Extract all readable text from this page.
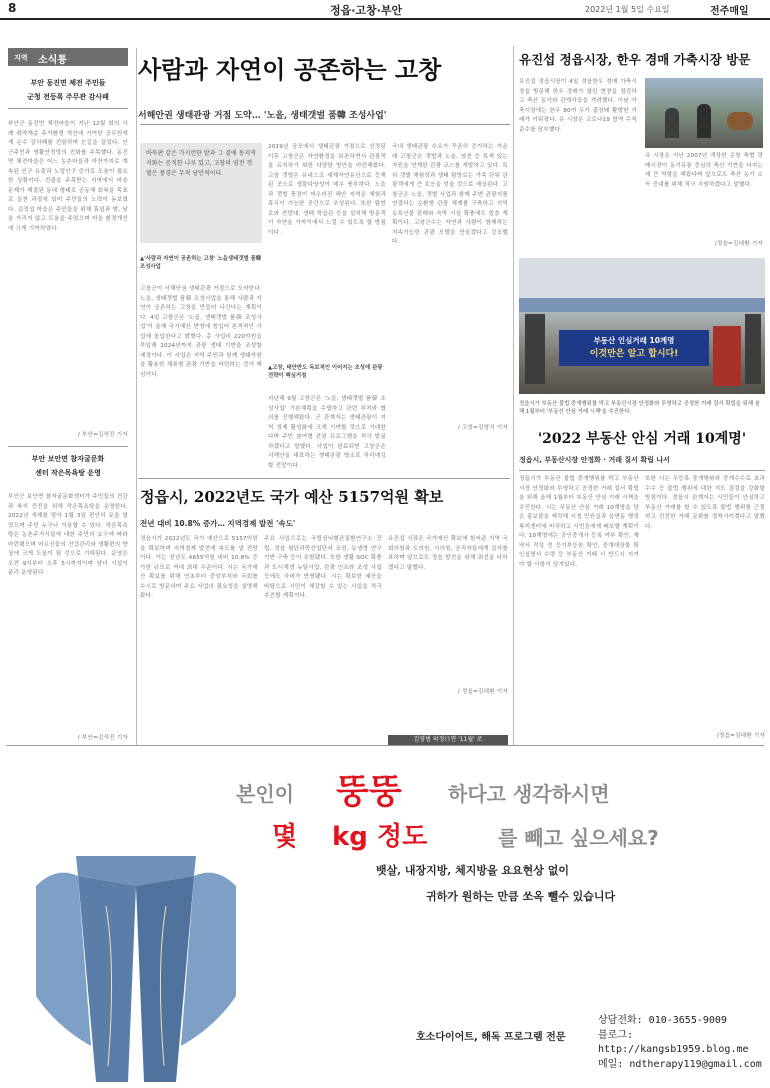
8	정읍·고창·부안	2022년 1월 5일 수요일	전주매일
지역 소식통
부안 동진면 체전 주민들
군청 전등록 주무관 감사패
부안군 동진면 체전마을이 지난 12월 회의 사례 취약계층 주거환경 개선에 기여한 공무원에게 손수 감사패를 전달하며 눈길을 끌었다. 인근주민과 생활안전망의 진화를 주목했다. 동진면 체전마을은 어느 농촌마을과 마찬가지로 계속된 인구 유출과 노령인구 증가로 도움이 필요한 상황이다. 전출을 주목받는 지역에서 마을 문제가 해결된 동네 형태로 공동체 회복을 목표로 실천 과정에 있어 주민들의 노력이 돋보였다. 김정섭 마을은 주민들을 위해 휴일과 밤, 낮을 가리지 않고 도움을 주었으며 마을 환경개선에 크게 기여하였다.
/ 부안=김석진 기자
부안 보안면 참자굴문화
센터 작은목욕탕 운영
부안군 보안면 참자굴문화센터가 주민들의 건강과 복지 증진을 위해 작은목욕탕을 운영한다. 2022년 새해를 맞아 1월 3일 편안히 문을 열었으며 주민 누구나 이용할 수 있다. 작은목욕탕은 농촌주거시설에 대한 주민의 요구에 따라 마련됐으며 어르신들의 건강관리와 생활편의 향상에 크게 도움이 될 것으로 기대된다. 운영은 오전 9시부터 오후 5시까지이며 남녀 시설이 분리 운영된다.
/ 부안=김석진 기자
사람과 자연이 공존하는 고창
서해안권 생태관광 거점 도약… '노을, 생태갯벌 품韓 조성사업'
바둑판 같은 가지런한 밭과 그 곁에 동지역 서화는 공직한 나루 있고, 고창의 염전 갯벌은 풍경은 무척 낭만적이다.
▲'사람과 자연이 공존하는 고창' 노을생태갯벌 품韓 조성사업
고창군이 서해안권 생태관광 거점으로 도약한다. 노을, 생태갯벌 품韓 조성사업을 통해 사람과 자연이 공존하는 고창을 만들어 나간다는 계획이다. 4일 고창군은 '노을, 생태갯벌 품韓 조성사업'이 올해 국가예산 반영에 힘입어 본격적인 사업에 돌입한다고 밝혔다. 총 사업비 220억원을 투입해 2024년까지 관광 생태 기반을 조성할 예정이다. 이 사업은 지역 주민과 함께 생태자원을 활용한 체류형 관광 기반을 마련하는 것이 핵심이다.
2019년 공모에서 생태관광 거점으로 선정된 이후 고창군은 자연환경을 보존하면서 관광객을 유치하기 위한 다양한 방안을 마련해왔다. 고창 갯벌은 유네스코 세계자연유산으로 등재된 곳으로 생물다양성이 매우 풍부하다. 노을과 갯벌 풍경이 어우러진 해안 지역은 체험과 휴식이 가능한 공간으로 조성된다. 또한 탐방로와 전망대, 생태 학습관 등을 설치해 방문객이 자연을 가까이에서 느낄 수 있도록 할 방침이다.
▲고창, 태안반도 독보적인 이어지는 조성에 관광전략이 핵심거점
지난해 9월 고창군은 '노을, 생태갯벌 품韓 조성사업' 기본계획을 수립하고 관련 부처와 협의를 진행해왔다. 군 관계자는 생태관광이 지역 경제 활성화에 크게 기여할 것으로 기대한다며 주민 참여형 관광 프로그램을 적극 발굴하겠다고 말했다. 사업이 완료되면 고창군은 서해안을 대표하는 생태관광 명소로 자리매김할 전망이다.
국내 생태관광 수요가 꾸준히 증가하는 가운데 고창군은 갯벌과 노을, 염전 등 특색 있는 자원을 연계한 관광 코스를 개발하고 있다. 특히 갯벌 체험장과 생태 탐방로는 가족 단위 관광객에게 큰 호응을 얻을 것으로 예상된다. 고창군은 노을, 갯벌 사업과 함께 주변 관광지를 연결하는 순환형 관광 체계를 구축하고 지역 농특산물 판매와 숙박 시설 확충에도 힘쓸 계획이다. 고창군수는 자연과 사람이 함께하는 지속가능한 관광 모델을 만들겠다고 강조했다.
/ 고창=김영식 기자
유진섭 정읍시장, 한우 경매 가축시장 방문
유진섭 정읍시장이 4일 정읍한우 경매 가축시장을 방문해 한우 경매가 열린 현장을 점검하고 축산 농가와 관계자들을 격려했다. 이날 가축시장에는 한우 80여 두가 출장돼 활발한 거래가 이뤄졌다. 유 시장은 코로나19 방역 수칙 준수를 당부했다.
유 시장은 지난 2007년 개장한 순창 축협 경매시장이 동기유통 중심의 축산 기반을 다지는 데 큰 역할을 해왔다며 앞으로도 축산 농가 소득 증대를 위해 적극 지원하겠다고 말했다.
/정읍=김대환 기자
부동산 인심거래 10계명
이것만은 알고 합시다!
정읍시가 부동산 불법 중개행위를 막고 부동산시장 안정화와 투명하고 공정한 거래 질서 확립을 위해 올해 1월부터 '부동산 안심 거래 시책'을 추진한다.
'2022 부동산 안심 거래 10계명'
정읍시, 부동산시장 안정화 · 거래 질서 확립 나서
정읍시가 부동산 불법 중개행위를 막고 부동산시장 안정화와 투명하고 공정한 거래 질서 확립을 위해 올해 1월부터 부동산 안심 거래 시책을 추진한다. 시는 부동산 안심 거래 10계명을 담은 홍보물을 제작해 시청 민원실과 읍면동 행정복지센터에 비치하고 시민들에게 배포할 계획이다. 10계명에는 공인중개사 등록 여부 확인, 계약서 작성 전 등기부등본 확인, 중개대상물 확인설명서 수령 등 부동산 거래 시 반드시 지켜야 할 사항이 담겨있다.
또한 시는 무등록 중개행위와 중개수수료 초과 수수 등 불법 행위에 대한 지도 점검을 강화할 방침이다. 정읍시 관계자는 시민들이 안심하고 부동산 거래를 할 수 있도록 불법 행위를 근절하고 건전한 거래 문화를 정착시키겠다고 말했다.
/정읍=김대환 기자
정읍시, 2022년도 국가 예산 5157억원 확보
전년 대비 10.8% 증가… 지역경제 발전 '속도'
정읍시가 2022년도 국가 예산으로 5157억원을 확보하며 지역경제 발전에 속도를 낼 전망이다. 이는 전년도 4655억원 대비 10.8% 증가한 규모로 역대 최대 수준이다. 시는 국가예산 확보를 위해 연초부터 중앙부처와 국회를 수시로 방문하며 주요 사업의 필요성을 설명해왔다.
주요 사업으로는 국립심뇌혈관질환연구소 건립, 정읍 첨단과학산업단지 조성, 농생명 연구 기반 구축 등이 포함됐다. 또한 생활 SOC 확충과 도시재생 뉴딜사업, 관광 인프라 조성 사업 등에도 국비가 반영됐다. 시는 확보한 예산을 바탕으로 시민이 체감할 수 있는 사업을 적극 추진할 계획이다.
유진섭 시장은 국가예산 확보에 힘써준 지역 국회의원과 도의원, 시의원, 공직자들에게 감사를 표하며 앞으로도 정읍 발전을 위해 최선을 다하겠다고 말했다.
/ 정읍=김대환 기자
김영범 의정日면 '11월' 로
본인이 뚱뚱 하다고 생각하시면
몇 kg 정도	를 빼고 싶으세요?
뱃살, 내장지방, 체지방을 요요현상 없이
귀하가 원하는 만큼 쏘옥 뺄수 있습니다
호소다이어트, 해독 프로그램 전문
상담전화: 010-3655-9009
블로그: http://kangsb1959.blog.me
메일: ndtherapy119@gmail.com
